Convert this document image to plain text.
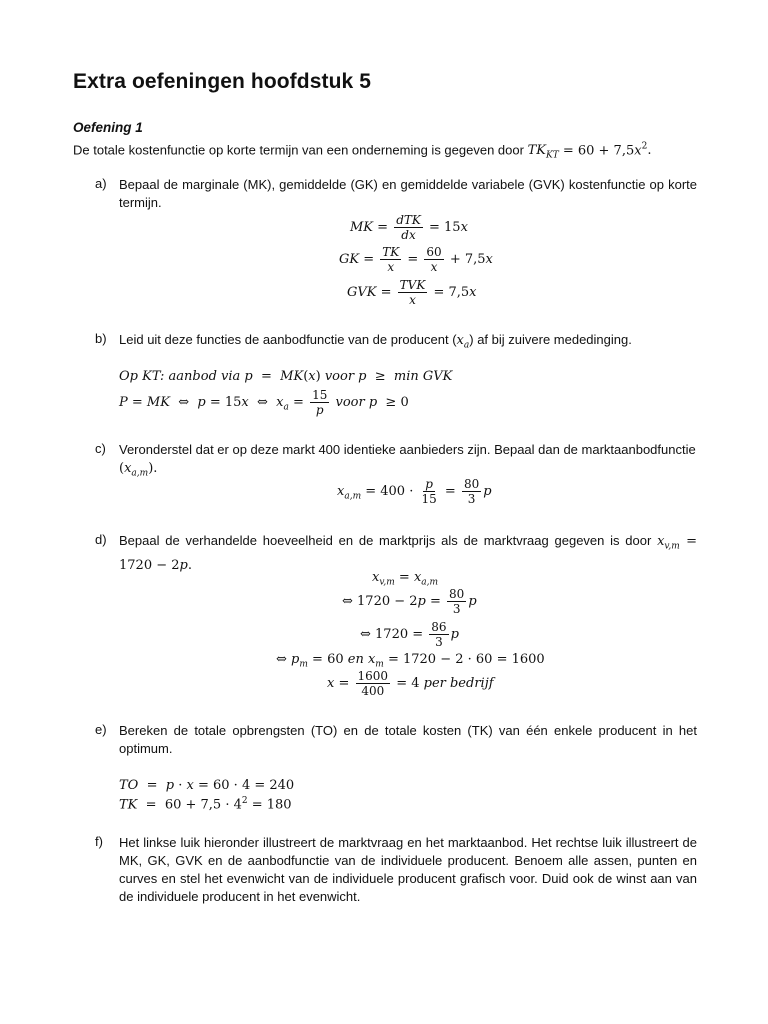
Extra oefeningen hoofdstuk 5
Oefening 1
De totale kostenfunctie op korte termijn van een onderneming is gegeven door $TK_{KT} = 60 + 7,5x^2$.
a) Bepaal de marginale (MK), gemiddelde (GK) en gemiddelde variabele (GVK) kostenfunctie op korte termijn.
MK = $\frac{\text{dTK}}{dx} = 15x$
GK = $\frac{TK}{x} = \frac{60}{x} + 7,5x$
GVK = $\frac{\text{TVK}}{x} = 7,5x$
b) Leid uit deze functies de aanbodfunctie van de producent $(x_a)$ af bij zuivere mededinging.
Op KT: aanbod via p  =  MK(x) voor p  ≥  min GVK
P = MK  ⇔  p = 15x  ⇔  $x_a = \frac{15}{p}$ voor p  ≥ 0
c) Veronderstel dat er op deze markt 400 identieke aanbieders zijn. Bepaal dan de marktaanbodfunctie
$(x_{a,m})$.
$x_{a,m} = 400 \cdot \frac{p}{15} = \frac{80}{3}$ p
d) Bepaal de verhandelde hoeveelheid en de marktprijs als de marktvraag gegeven is door $x_{v,m} = 1720 - 2p$.
$x_{v,m} = x_{a,m}$
⇔ $1720 - 2p = \frac{80}{3}$ p
⇔ $1720 = \frac{86}{3}$ p
⇔ $p_m = 60$ en $x_m = 1720 - 2 \cdot 60 = 1600$
$x = \frac{1600}{400} = 4$ per bedrijf
e) Bereken de totale opbrengsten (TO) en de totale kosten (TK) van één enkele producent in het optimum.
TO  =  p · x = 60 · 4 = 240
TK  =  $60 + 7,5 \cdot 4^2 = 180$
f) Het linkse luik hieronder illustreert de marktvraag en het marktaanbod. Het rechtse luik illustreert de MK, GK, GVK en de aanbodfunctie van de individuele producent. Benoem alle assen, punten en curves en stel het evenwicht van de individuele producent grafisch voor. Duid ook de winst aan van de individuele producent in het evenwicht.
